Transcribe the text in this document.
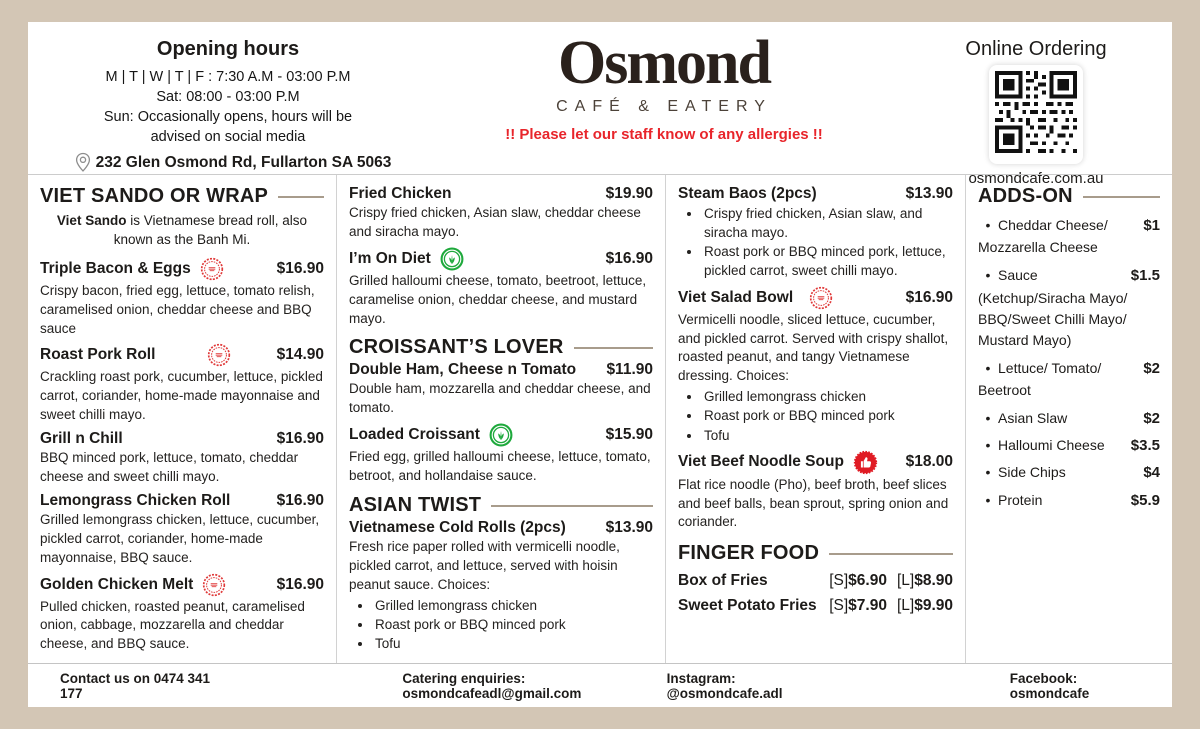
Opening hours
M | T | W | T | F : 7:30 A.M - 03:00 P.M
Sat: 08:00 - 03:00 P.M
Sun: Occasionally opens, hours will be
advised on social media
232 Glen Osmond Rd, Fullarton SA 5063
Osmond
CAFÉ & EATERY
!! Please let our staff know of any allergies !!
Online Ordering
osmondcafe.com.au
VIET SANDO OR WRAP
Viet Sando is Vietnamese bread roll, also known as the Banh Mi.
Triple Bacon & Eggs	$16.90

Crispy bacon, fried egg, lettuce, tomato relish, caramelised onion, cheddar cheese and BBQ sauce

Roast Pork Roll	$14.90

Crackling roast pork, cucumber, lettuce, pickled carrot, coriander, home-made mayonnaise and sweet chilli mayo.

Grill n Chill	$16.90

BBQ minced pork, lettuce, tomato, cheddar cheese and sweet chilli mayo.

Lemongrass Chicken Roll	$16.90

Grilled lemongrass chicken, lettuce, cucumber, pickled carrot, coriander, home-made mayonnaise, BBQ sauce.

Golden Chicken Melt	$16.90

Pulled chicken, roasted peanut, caramelised onion, cabbage, mozzarella and cheddar cheese, and BBQ sauce.

Fried Chicken	$19.90

Crispy fried chicken, Asian slaw, cheddar cheese and siracha mayo.

I’m On Diet	$16.90

Grilled halloumi cheese, tomato, beetroot, lettuce, caramelise onion, cheddar cheese, and mustard mayo.

CROISSANT’S LOVER
Double Ham, Cheese n Tomato $11.90

Double ham, mozzarella and cheddar cheese, and tomato.

Loaded Croissant	$15.90

Fried egg, grilled halloumi cheese, lettuce, tomato, betroot, and hollandaise sauce.

ASIAN TWIST
Vietnamese Cold Rolls (2pcs)	$13.90

Fresh rice paper rolled with vermicelli noodle, pickled carrot, and lettuce, served with hoisin peanut sauce. Choices:

• Grilled lemongrass chicken
• Roast pork or BBQ minced pork
• Tofu
Steam Baos (2pcs)	$13.90
• Crispy fried chicken, Asian slaw, and siracha mayo.
• Roast pork or BBQ minced pork, lettuce, pickled carrot, sweet chilli mayo.
Viet Salad Bowl	$16.90

Vermicelli noodle, sliced lettuce, cucumber, and pickled carrot. Served with crispy shallot, roasted peanut, and tangy Vietnamese dressing. Choices:

• Grilled lemongrass chicken
• Roast pork or BBQ minced pork
• Tofu
Viet Beef Noodle Soup	$18.00

Flat rice noodle (Pho), beef broth, beef slices and beef balls, bean sprout, spring onion and coriander.

FINGER FOOD
Box of Fries	[S]$6.90 [L]$8.90
Sweet Potato Fries [S]$7.90 [L]$9.90
ADDS-ON
• Cheddar Cheese/ $1
Mozzarella Cheese
• Sauce	$1.5
(Ketchup/Siracha Mayo/ BBQ/Sweet Chilli Mayo/ Mustard Mayo)
• Lettuce/ Tomato/	$2
Beetroot
• Asian Slaw	$2
• Halloumi Cheese $3.5
• Side Chips	$4
• Protein	$5.9
Contact us on 0474 341 177
Catering enquiries: osmondcafeadl@gmail.com
Instagram: @osmondcafe.adl
Facebook: osmondcafe
